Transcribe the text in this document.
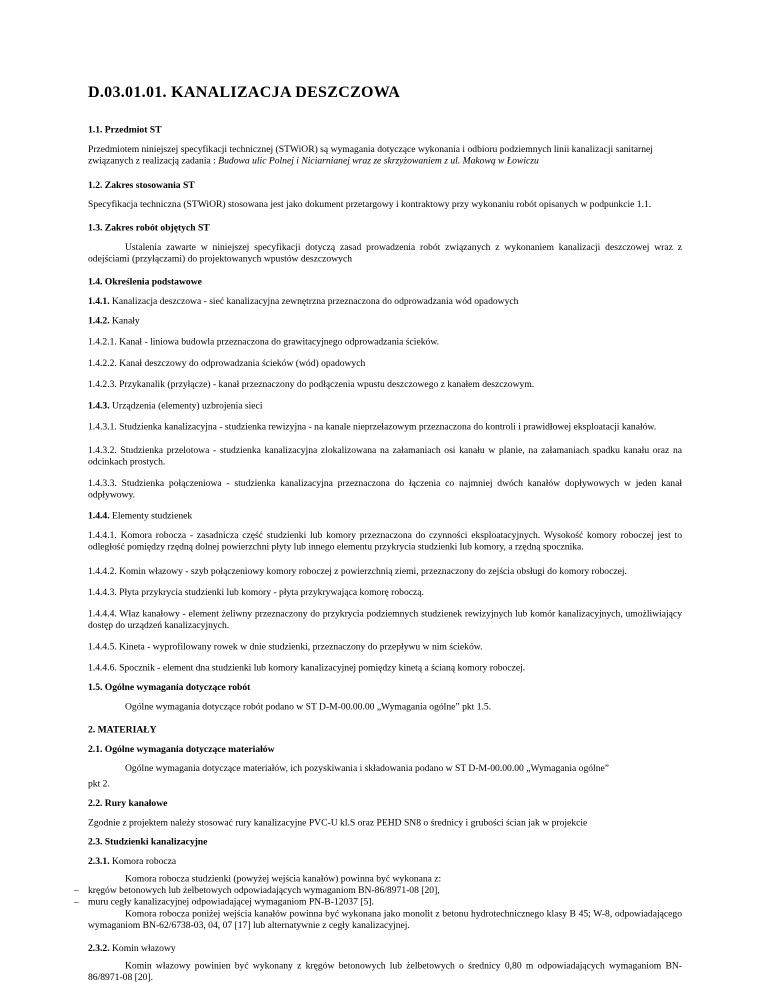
D.03.01.01. KANALIZACJA DESZCZOWA
1.1. Przedmiot ST
Przedmiotem niniejszej specyfikacji technicznej (STWiOR) są wymagania dotyczące wykonania i odbioru podziemnych linii kanalizacji sanitarnej związanych z realizacją zadania : Budowa ulic Polnej i Niciarnianej wraz ze skrzyżowaniem z ul. Makową w Łowiczu
1.2. Zakres stosowania ST
Specyfikacja techniczna (STWiOR) stosowana jest jako dokument przetargowy i kontraktowy przy wykonaniu robót opisanych w podpunkcie 1.1.
1.3. Zakres robót objętych ST
Ustalenia zawarte w niniejszej specyfikacji dotyczą zasad prowadzenia robót związanych z wykonaniem kanalizacji deszczowej wraz z odejściami (przyłączami) do projektowanych wpustów deszczowych
1.4. Określenia podstawowe
1.4.1. Kanalizacja deszczowa - sieć kanalizacyjna zewnętrzna przeznaczona do odprowadzania wód opadowych
1.4.2. Kanały
1.4.2.1. Kanał - liniowa budowla przeznaczona do grawitacyjnego odprowadzania ścieków.
1.4.2.2. Kanał deszczowy do odprowadzania ścieków (wód) opadowych
1.4.2.3. Przykanalik (przyłącze) - kanał przeznaczony do podłączenia wpustu deszczowego z kanałem deszczowym.
1.4.3. Urządzenia (elementy) uzbrojenia sieci
1.4.3.1. Studzienka kanalizacyjna - studzienka rewizyjna - na kanale nieprzełazowym przeznaczona do kontroli i prawidłowej eksploatacji kanałów.
1.4.3.2. Studzienka przelotowa - studzienka kanalizacyjna zlokalizowana na załamaniach osi kanału w planie, na załamaniach spadku kanału oraz na odcinkach prostych.
1.4.3.3. Studzienka połączeniowa - studzienka kanalizacyjna przeznaczona do łączenia co najmniej dwóch kanałów dopływowych w jeden kanał odpływowy.
1.4.4. Elementy studzienek
1.4.4.1. Komora robocza - zasadnicza część studzienki lub komory przeznaczona do czynności eksploatacyjnych. Wysokość komory roboczej jest to odległość pomiędzy rzędną dolnej powierzchni płyty lub innego elementu przykrycia studzienki lub komory, a rzędną spocznika.
1.4.4.2. Komin włazowy - szyb połączeniowy komory roboczej z powierzchnią ziemi, przeznaczony do zejścia obsługi do komory roboczej.
1.4.4.3. Płyta przykrycia studzienki lub komory - płyta przykrywająca komorę roboczą.
1.4.4.4. Właz kanałowy - element żeliwny przeznaczony do przykrycia podziemnych studzienek rewizyjnych lub komór kanalizacyjnych, umożliwiający dostęp do urządzeń kanalizacyjnych.
1.4.4.5. Kineta - wyprofilowany rowek w dnie studzienki, przeznaczony do przepływu w nim ścieków.
1.4.4.6. Spocznik - element dna studzienki lub komory kanalizacyjnej pomiędzy kinetą a ścianą komory roboczej.
1.5. Ogólne wymagania dotyczące robót
Ogólne wymagania dotyczące robót podano w ST D-M-00.00.00 „Wymagania ogólne” pkt 1.5.
2. MATERIAŁY
2.1. Ogólne wymagania dotyczące materiałów
Ogólne wymagania dotyczące materiałów, ich pozyskiwania i składowania podano w ST D-M-00.00.00 „Wymagania ogólne”
pkt 2.
2.2. Rury kanałowe
Zgodnie z projektem należy stosować rury kanalizacyjne PVC-U kl.S oraz PEHD SN8 o średnicy i grubości ścian jak w projekcie
2.3. Studzienki kanalizacyjne
2.3.1. Komora robocza
Komora robocza studzienki (powyżej wejścia kanałów) powinna być wykonana z:
– kręgów betonowych lub żelbetowych odpowiadających wymaganiom BN-86/8971-08 [20],
– muru cegły kanalizacyjnej odpowiadającej wymaganiom PN-B-12037 [5].
Komora robocza poniżej wejścia kanałów powinna być wykonana jako monolit z betonu hydrotechnicznego klasy B 45; W-8, odpowiadającego wymaganiom BN-62/6738-03, 04, 07 [17] lub alternatywnie z cegły kanalizacyjnej.
2.3.2. Komin włazowy
Komin włazowy powinien być wykonany z kręgów betonowych lub żelbetowych o średnicy 0,80 m odpowiadających wymaganiom BN-86/8971-08 [20].
